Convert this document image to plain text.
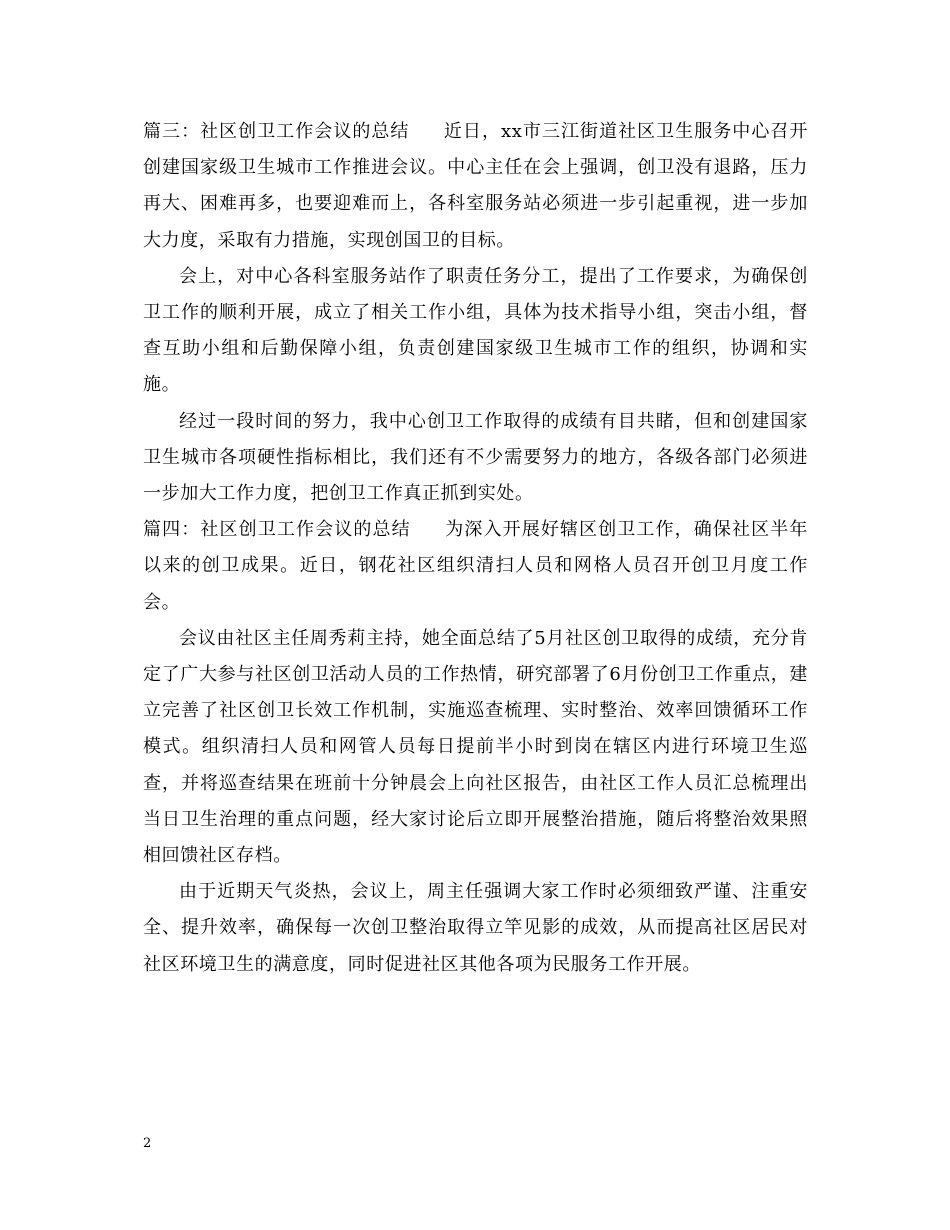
篇三：社区创卫工作会议的总结 近日，xx市三江街道社区卫生服务中心召开创建国家级卫生城市工作推进会议。中心主任在会上强调，创卫没有退路，压力再大、困难再多，也要迎难而上，各科室服务站必须进一步引起重视，进一步加大力度，采取有力措施，实现创国卫的目标。

会上，对中心各科室服务站作了职责任务分工，提出了工作要求，为确保创卫工作的顺利开展，成立了相关工作小组，具体为技术指导小组，突击小组，督查互助小组和后勤保障小组，负责创建国家级卫生城市工作的组织，协调和实施。

经过一段时间的努力，我中心创卫工作取得的成绩有目共睹，但和创建国家卫生城市各项硬性指标相比，我们还有不少需要努力的地方，各级各部门必须进一步加大工作力度，把创卫工作真正抓到实处。

篇四：社区创卫工作会议的总结 为深入开展好辖区创卫工作，确保社区半年以来的创卫成果。近日，钢花社区组织清扫人员和网格人员召开创卫月度工作会。

会议由社区主任周秀莉主持，她全面总结了5月社区创卫取得的成绩，充分肯定了广大参与社区创卫活动人员的工作热情，研究部署了6月份创卫工作重点，建立完善了社区创卫长效工作机制，实施巡查梳理、实时整治、效率回馈循环工作模式。组织清扫人员和网管人员每日提前半小时到岗在辖区内进行环境卫生巡查，并将巡查结果在班前十分钟晨会上向社区报告，由社区工作人员汇总梳理出当日卫生治理的重点问题，经大家讨论后立即开展整治措施，随后将整治效果照相回馈社区存档。

由于近期天气炎热，会议上，周主任强调大家工作时必须细致严谨、注重安全、提升效率，确保每一次创卫整治取得立竿见影的成效，从而提高社区居民对社区环境卫生的满意度，同时促进社区其他各项为民服务工作开展。

2
